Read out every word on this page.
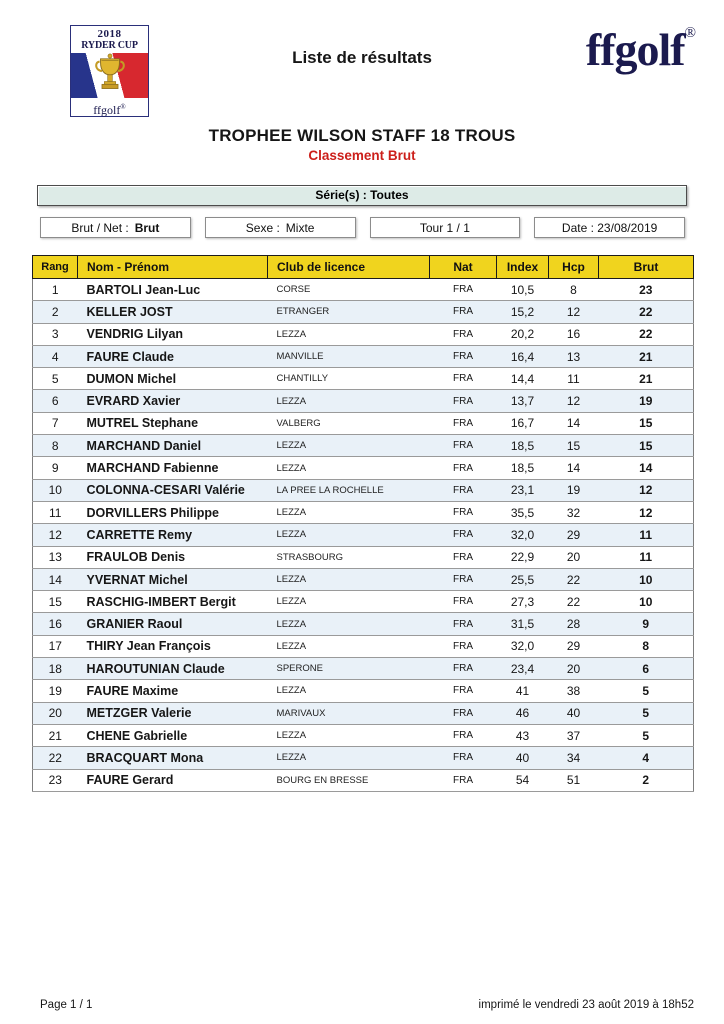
2018
RYDER CUP
ffgolf®
Liste de résultats	ffgolf®
TROPHEE WILSON STAFF 18 TROUS
Classement Brut
Série(s) : Toutes
Brut / Net : Brut	Sexe : Mixte	Tour 1 / 1	Date : 23/08/2019
Rang	Nom - Prénom	Club de licence	Nat	Index	Hcp	Brut
1	BARTOLI Jean-Luc	CORSE	FRA	10,5	8	23
2	KELLER JOST	ETRANGER	FRA	15,2	12	22
3	VENDRIG Lilyan	LEZZA	FRA	20,2	16	22
4	FAURE Claude	MANVILLE	FRA	16,4	13	21
5	DUMON Michel	CHANTILLY	FRA	14,4	11	21
6	EVRARD Xavier	LEZZA	FRA	13,7	12	19
7	MUTREL Stephane	VALBERG	FRA	16,7	14	15
8	MARCHAND Daniel	LEZZA	FRA	18,5	15	15
9	MARCHAND Fabienne	LEZZA	FRA	18,5	14	14
10	COLONNA-CESARI Valérie	LA PREE LA ROCHELLE	FRA	23,1	19	12
11	DORVILLERS Philippe	LEZZA	FRA	35,5	32	12
12	CARRETTE Remy	LEZZA	FRA	32,0	29	11
13	FRAULOB Denis	STRASBOURG	FRA	22,9	20	11
14	YVERNAT Michel	LEZZA	FRA	25,5	22	10
15	RASCHIG-IMBERT Bergit	LEZZA	FRA	27,3	22	10
16	GRANIER Raoul	LEZZA	FRA	31,5	28	9
17	THIRY Jean François	LEZZA	FRA	32,0	29	8
18	HAROUTUNIAN Claude	SPERONE	FRA	23,4	20	6
19	FAURE Maxime	LEZZA	FRA	41	38	5
20	METZGER Valerie	MARIVAUX	FRA	46	40	5
21	CHENE Gabrielle	LEZZA	FRA	43	37	5
22	BRACQUART Mona	LEZZA	FRA	40	34	4
23	FAURE Gerard	BOURG EN BRESSE	FRA	54	51	2
Page 1 / 1	imprimé le vendredi 23 août 2019 à 18h52
